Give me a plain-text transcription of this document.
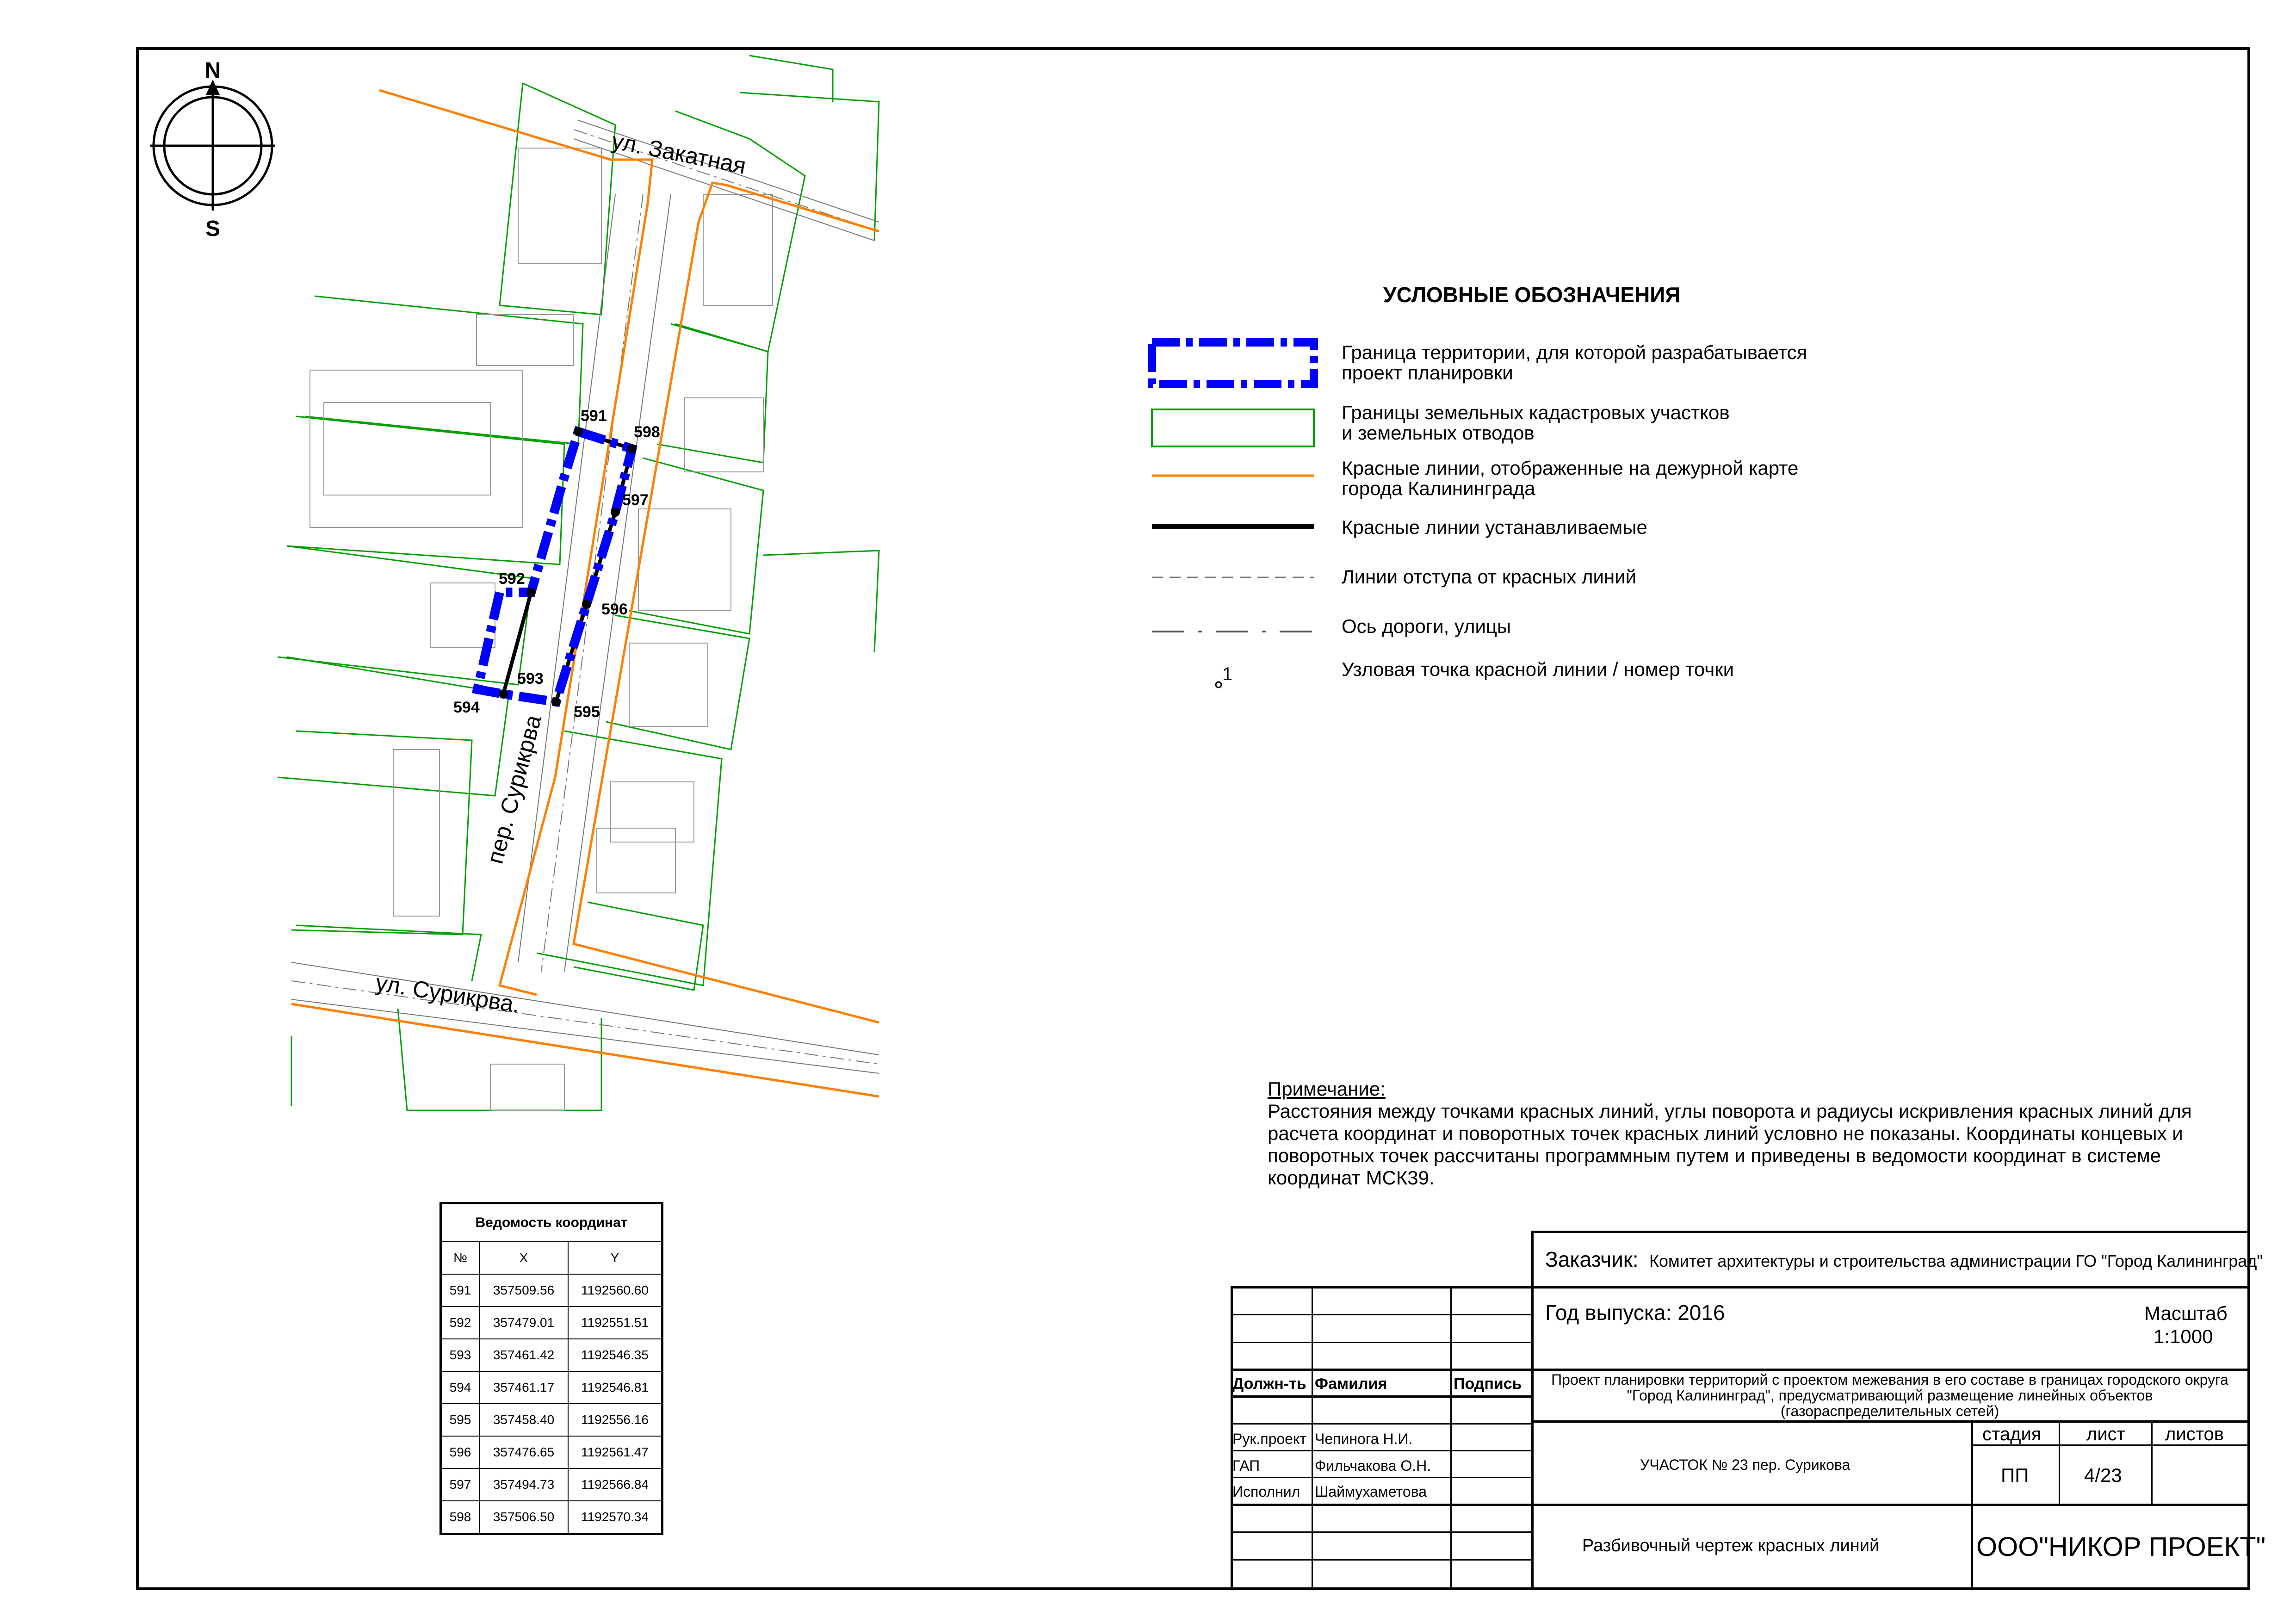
N
S
591
592
593
594	595
596
597
598
ул. Закатная
пер. Сурикрва
ул. Сурикрва.
1
УСЛОВНЫЕ ОБОЗНАЧЕНИЯ
Граница территории, для которой разрабатывается
проект планировки
Границы земельных кадастровых участков
и земельных отводов
Красные линии, отображенные на дежурной карте
города Калининграда
Красные линии устанавливаемые
Линии отступа от красных линий
Ось дороги, улицы
Узловая точка красной линии / номер точки
Примечание:
Расстояния между точками красных линий, углы поворота и радиусы искривления красных линий для расчета координат и поворотных точек красных линий условно не показаны. Координаты концевых и поворотных точек рассчитаны программным путем и приведены в ведомости координат в системе координат МСК39.
Ведомость координат		
№	X	Y
591	357509.56	1192560.60
592	357479.01	1192551.51
593	357461.42	1192546.35
594	357461.17	1192546.81
595	357458.40	1192556.16
596	357476.65	1192561.47
597	357494.73	1192566.84
598	357506.50	1192570.34
Заказчик: Комитет архитектуры и строительства администрации ГО "Город Калининград"
Год выпуска: 2016	Масштаб
1:1000
Должн-ть Фамилия	Подпись	Проект планировки территорий с проектом межевания в его составе в границах городского округа "Город Калининград", предусматривающий размещение линейных объектов (газораспределительных сетей)
Рук.проект Чепинога Н.И.
ГАП	Фильчакова О.Н.
Исполнил Шаймухаметова
УЧАСТОК № 23 пер. Сурикова
стадия лист листов
ПП	4/23
Разбивочный чертеж красных линий	ООО"НИКОР ПРОЕКТ"
